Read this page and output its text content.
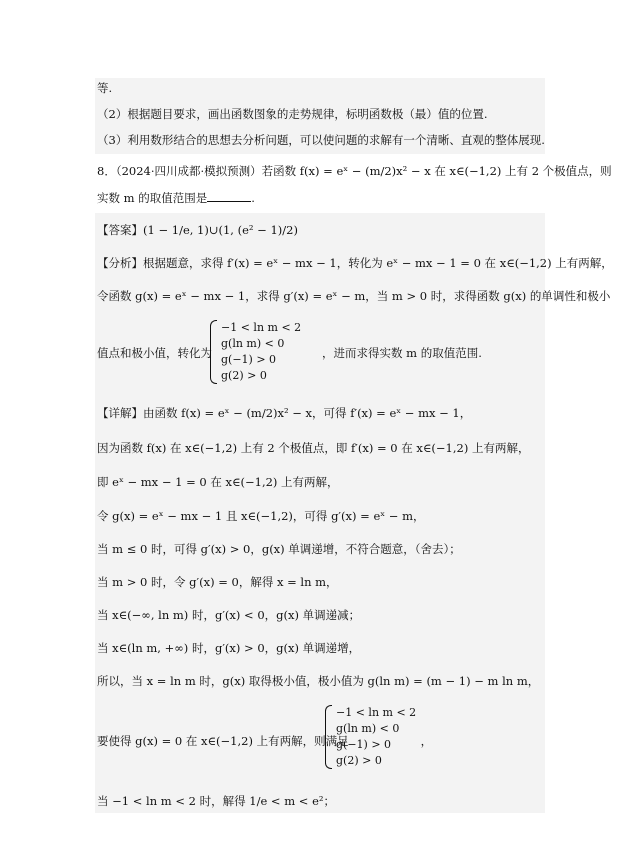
等.
（2）根据题目要求，画出函数图象的走势规律，标明函数极（最）值的位置.
（3）利用数形结合的思想去分析问题，可以使问题的求解有一个清晰、直观的整体展现.
8．（2024·四川成都·模拟预测）若函数 f(x) = eˣ − (m/2)x² − x 在 x∈(−1,2) 上有 2 个极值点，则
实数 m 的取值范围是	.
【答案】(1 − 1/e, 1)∪(1, (e² − 1)/2)
【分析】根据题意，求得 f′(x) = eˣ − mx − 1，转化为 eˣ − mx − 1 = 0 在 x∈(−1,2) 上有两解，
令函数 g(x) = eˣ − mx − 1，求得 g′(x) = eˣ − m，当 m > 0 时，求得函数 g(x) 的单调性和极小
值点和极小值，转化为	，进而求得实数 m 的取值范围.
−1 < ln m < 2
g(ln m) < 0
g(−1) > 0
g(2) > 0
【详解】由函数 f(x) = eˣ − (m/2)x² − x，可得 f′(x) = eˣ − mx − 1，
因为函数 f(x) 在 x∈(−1,2) 上有 2 个极值点，即 f′(x) = 0 在 x∈(−1,2) 上有两解，
即 eˣ − mx − 1 = 0 在 x∈(−1,2) 上有两解，
令 g(x) = eˣ − mx − 1 且 x∈(−1,2)，可得 g′(x) = eˣ − m，
当 m ≤ 0 时，可得 g′(x) > 0，g(x) 单调递增，不符合题意，（舍去）；
当 m > 0 时，令 g′(x) = 0，解得 x = ln m，
当 x∈(−∞, ln m) 时，g′(x) < 0，g(x) 单调递减；
当 x∈(ln m, +∞) 时，g′(x) > 0，g(x) 单调递增，
所以，当 x = ln m 时，g(x) 取得极小值，极小值为 g(ln m) = (m − 1) − m ln m，
要使得 g(x) = 0 在 x∈(−1,2) 上有两解，则满足	，
−1 < ln m < 2
g(ln m) < 0
g(−1) > 0
g(2) > 0
当 −1 < ln m < 2 时，解得 1/e < m < e²；
